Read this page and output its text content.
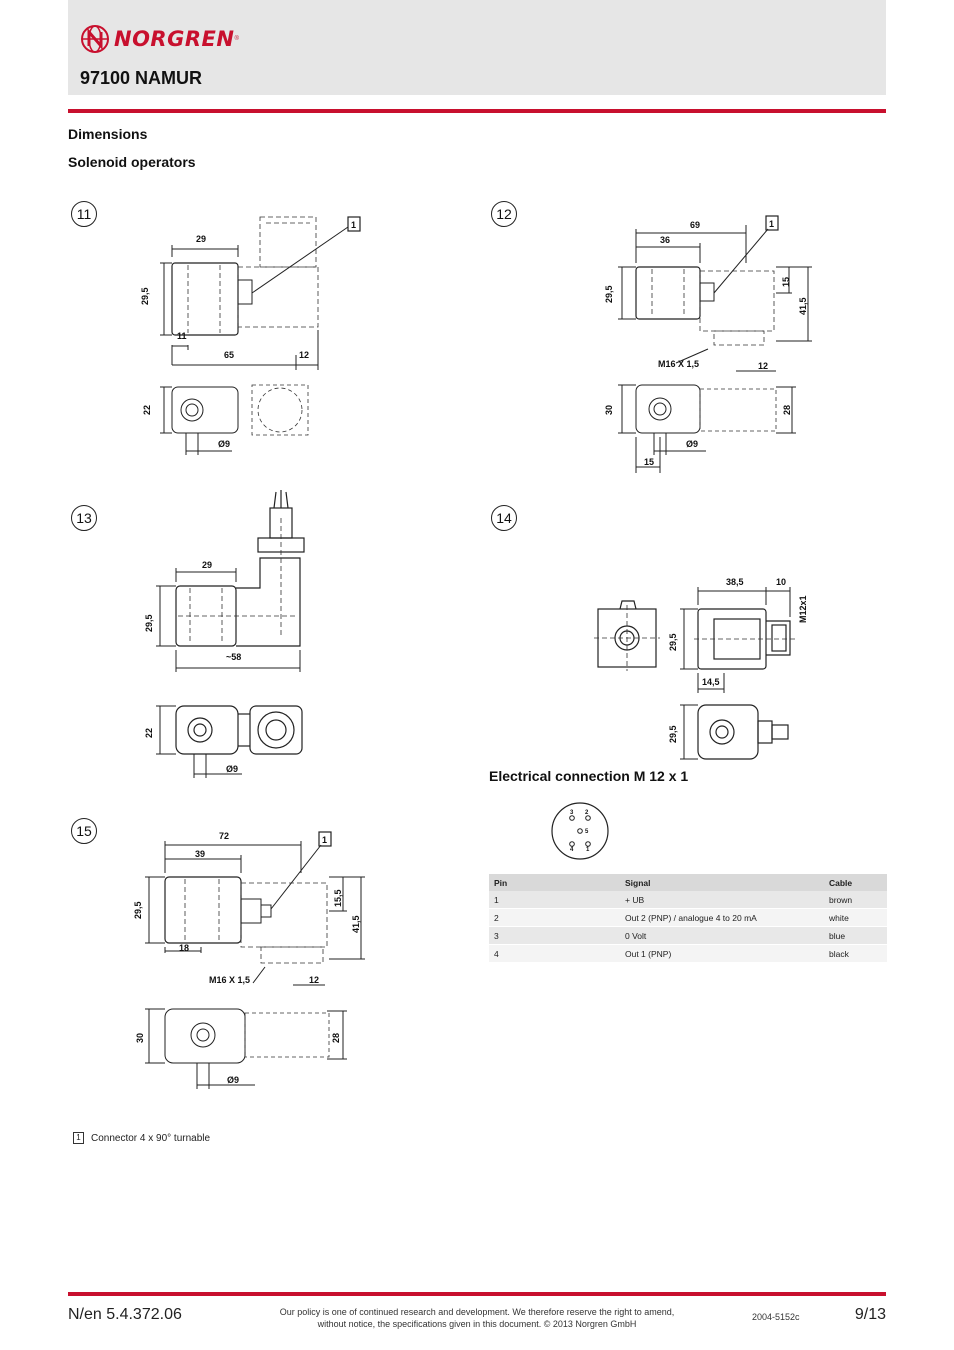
NORGREN ®
97100 NAMUR
Dimensions
Solenoid operators
11	12
13	14
15
29
29,5
11
65	12
22
Ø9
1	69
36
29,5
15
41,5
M16 X 1,5	12
30	28
Ø9
15
1
29
29,5
~58
22
Ø9
38,5	10
M12x1
29,5
14,5
29,5
Electrical connection M 12 x 1
1
2
3
4
5
Pin	Signal	Cable
1	+ UB	brown
2	Out 2 (PNP) / analogue 4 to 20 mA	white
3	0 Volt	blue
4	Out 1 (PNP)	black
72
39
29,5
15,5
41,5
18
M16 X 1,5	12
30	28
Ø9
1
1	Connector 4 x 90° turnable
N/en 5.4.372.06	Our policy is one of continued research and development. We therefore reserve the right to amend,
without notice, the specifications given in this document. © 2013 Norgren GmbH
2004-5152c	9/13
